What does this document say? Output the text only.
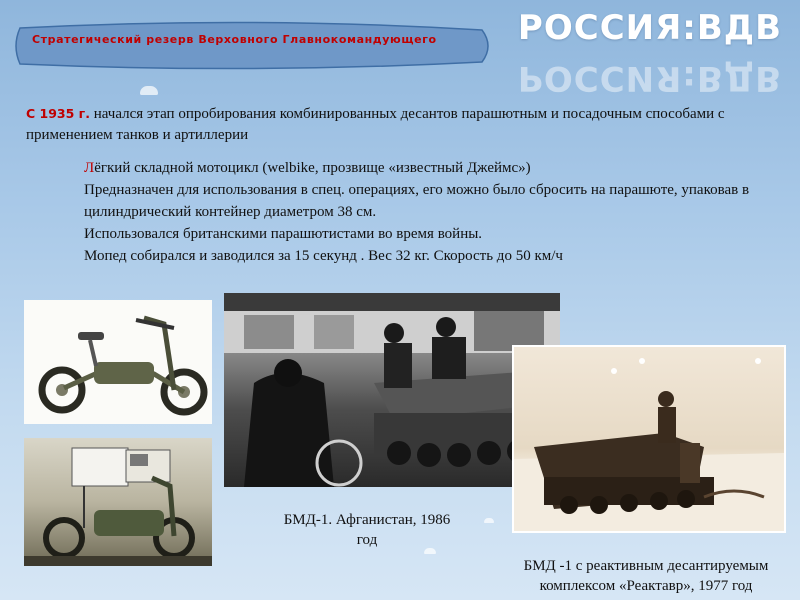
Стратегический резерв Верховного Главнокомандующего	РОССИЯ:ВДВ
РОССИЯ:ВДВ
С 1935 г. начался этап опробирования комбинированных десантов парашютным и посадочным способами с применением танков и артиллерии
Лёгкий складной мотоцикл (welbike, прозвище «известный Джеймс»)
Предназначен для использования в спец. операциях, его можно было сбросить на парашюте, упаковав в цилиндрический контейнер диаметром 38 см.
Использовался британскими парашютистами во время войны.
Мопед собирался и заводился за 15 секунд . Вес 32 кг. Скорость до 50 км/ч
БМД-1. Афганистан, 1986 год
БМД -1 с реактивным десантируемым комплексом «Реактавр», 1977 год
